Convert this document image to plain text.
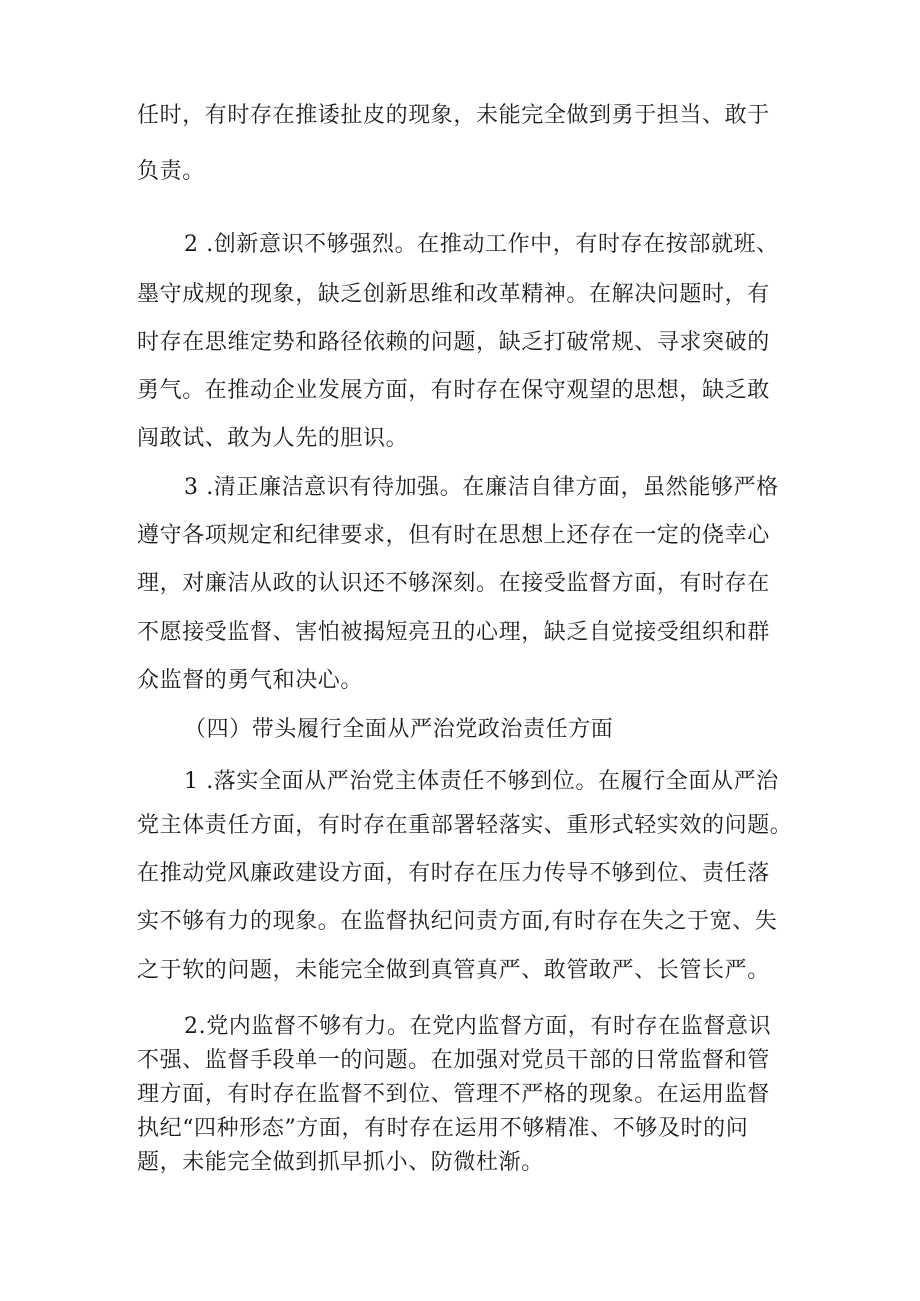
任时，有时存在推诿扯皮的现象，未能完全做到勇于担当、敢于
负责。
2 .创新意识不够强烈。在推动工作中，有时存在按部就班、
墨守成规的现象，缺乏创新思维和改革精神。在解决问题时，有
时存在思维定势和路径依赖的问题，缺乏打破常规、寻求突破的
勇气。在推动企业发展方面，有时存在保守观望的思想，缺乏敢
闯敢试、敢为人先的胆识。
3 .清正廉洁意识有待加强。在廉洁自律方面，虽然能够严格
遵守各项规定和纪律要求，但有时在思想上还存在一定的侥幸心
理，对廉洁从政的认识还不够深刻。在接受监督方面，有时存在
不愿接受监督、害怕被揭短亮丑的心理，缺乏自觉接受组织和群
众监督的勇气和决心。
（四）带头履行全面从严治党政治责任方面
1 .落实全面从严治党主体责任不够到位。在履行全面从严治
党主体责任方面，有时存在重部署轻落实、重形式轻实效的问题。
在推动党风廉政建设方面，有时存在压力传导不够到位、责任落
实不够有力的现象。在监督执纪问责方面,有时存在失之于宽、失
之于软的问题，未能完全做到真管真严、敢管敢严、长管长严。
2.党内监督不够有力。在党内监督方面，有时存在监督意识
不强、监督手段单一的问题。在加强对党员干部的日常监督和管
理方面，有时存在监督不到位、管理不严格的现象。在运用监督
执纪“四种形态”方面，有时存在运用不够精准、不够及时的问
题，未能完全做到抓早抓小、防微杜渐。
